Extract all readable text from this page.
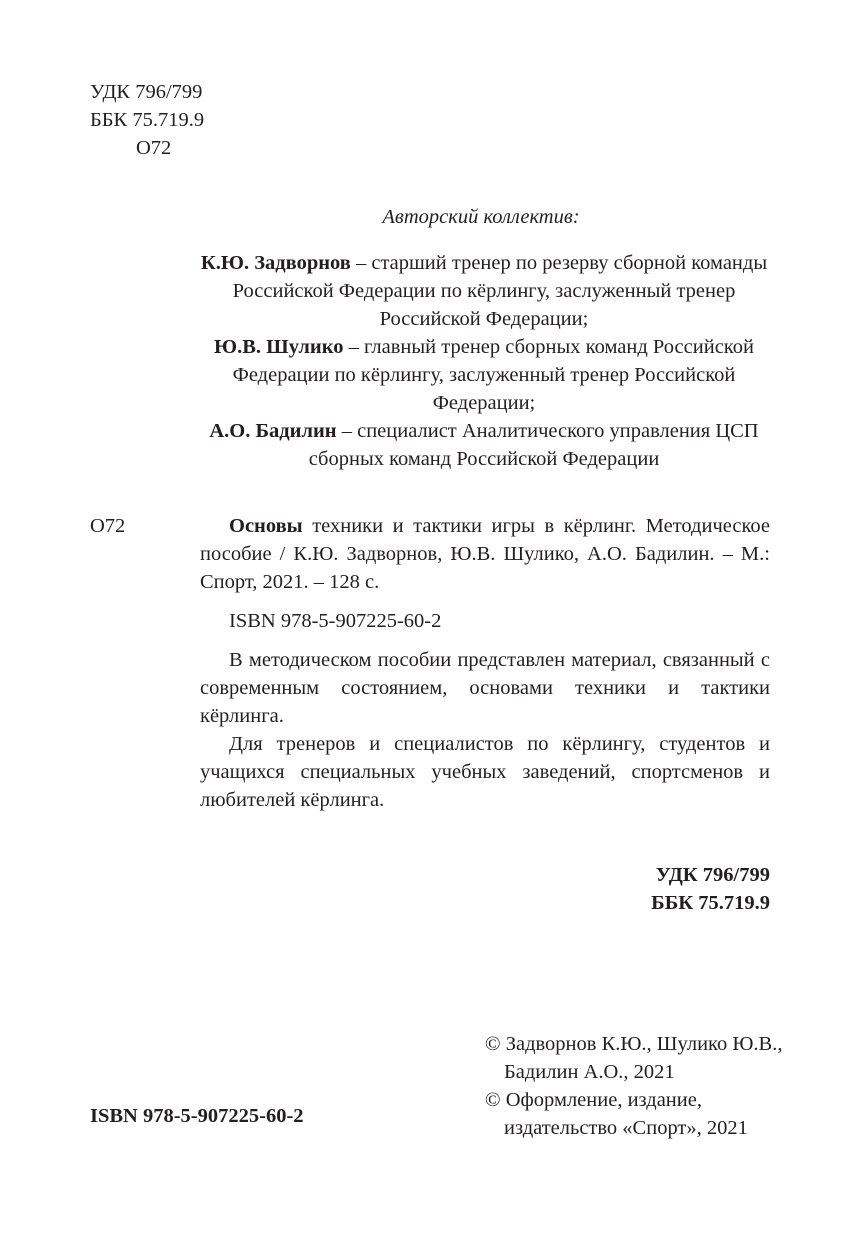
УДК 796/799
ББК 75.719.9
О72
Авторский коллектив:
К.Ю. Задворнов – старший тренер по резерву сборной команды Российской Федерации по кёрлингу, заслуженный тренер Российской Федерации;
Ю.В. Шулико – главный тренер сборных команд Российской Федерации по кёрлингу, заслуженный тренер Российской Федерации;
А.О. Бадилин – специалист Аналитического управления ЦСП сборных команд Российской Федерации
О72	Основы техники и тактики игры в кёрлинг. Методическое пособие / К.Ю. Задворнов, Ю.В. Шулико, А.О. Бадилин. – М.: Спорт, 2021. – 128 с.

ISBN 978-5-907225-60-2

В методическом пособии представлен материал, связанный с современным состоянием, основами техники и тактики кёрлинга.

Для тренеров и специалистов по кёрлингу, студентов и учащихся специальных учебных заведений, спортсменов и любителей кёрлинга.

УДК 796/799
ББК 75.719.9
© Задворнов К.Ю., Шулико Ю.В.,
Бадилин А.О., 2021
© Оформление, издание,
издательство «Спорт», 2021
ISBN 978-5-907225-60-2
